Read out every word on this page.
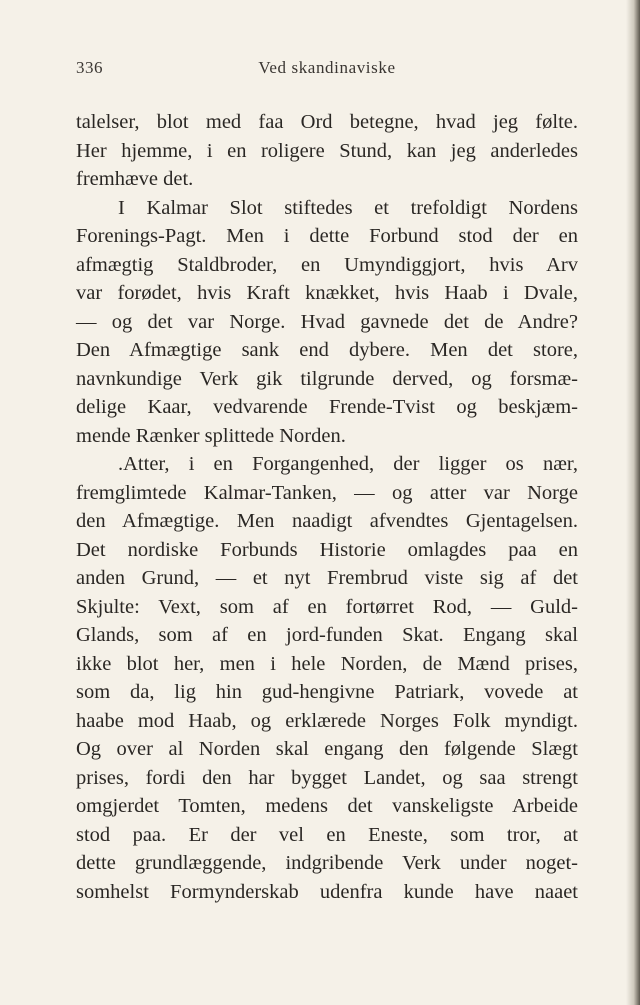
336	Ved skandinaviske
talelser, blot med faa Ord betegne, hvad jeg følte.
Her hjemme, i en roligere Stund, kan jeg anderledes
fremhæve det.
I Kalmar Slot stiftedes et trefoldigt Nordens
Forenings-Pagt. Men i dette Forbund stod der en
afmægtig Staldbroder, en Umyndiggjort, hvis Arv
var forødet, hvis Kraft knækket, hvis Haab i Dvale,
— og det var Norge. Hvad gavnede det de Andre?
Den Afmægtige sank end dybere. Men det store,
navnkundige Verk gik tilgrunde derved, og forsmæ-
delige Kaar, vedvarende Frende-Tvist og beskjæm-
mende Rænker splittede Norden.
.Atter, i en Forgangenhed, der ligger os nær,
fremglimtede Kalmar-Tanken, — og atter var Norge
den Afmægtige. Men naadigt afvendtes Gjentagelsen.
Det nordiske Forbunds Historie omlagdes paa en
anden Grund, — et nyt Frembrud viste sig af det
Skjulte: Vext, som af en fortørret Rod, — Guld-
Glands, som af en jord-funden Skat. Engang skal
ikke blot her, men i hele Norden, de Mænd prises,
som da, lig hin gud-hengivne Patriark, vovede at
haabe mod Haab, og erklærede Norges Folk myndigt.
Og over al Norden skal engang den følgende Slægt
prises, fordi den har bygget Landet, og saa strengt
omgjerdet Tomten, medens det vanskeligste Arbeide
stod paa. Er der vel en Eneste, som tror, at
dette grundlæggende, indgribende Verk under noget-
somhelst Formynderskab udenfra kunde have naaet
